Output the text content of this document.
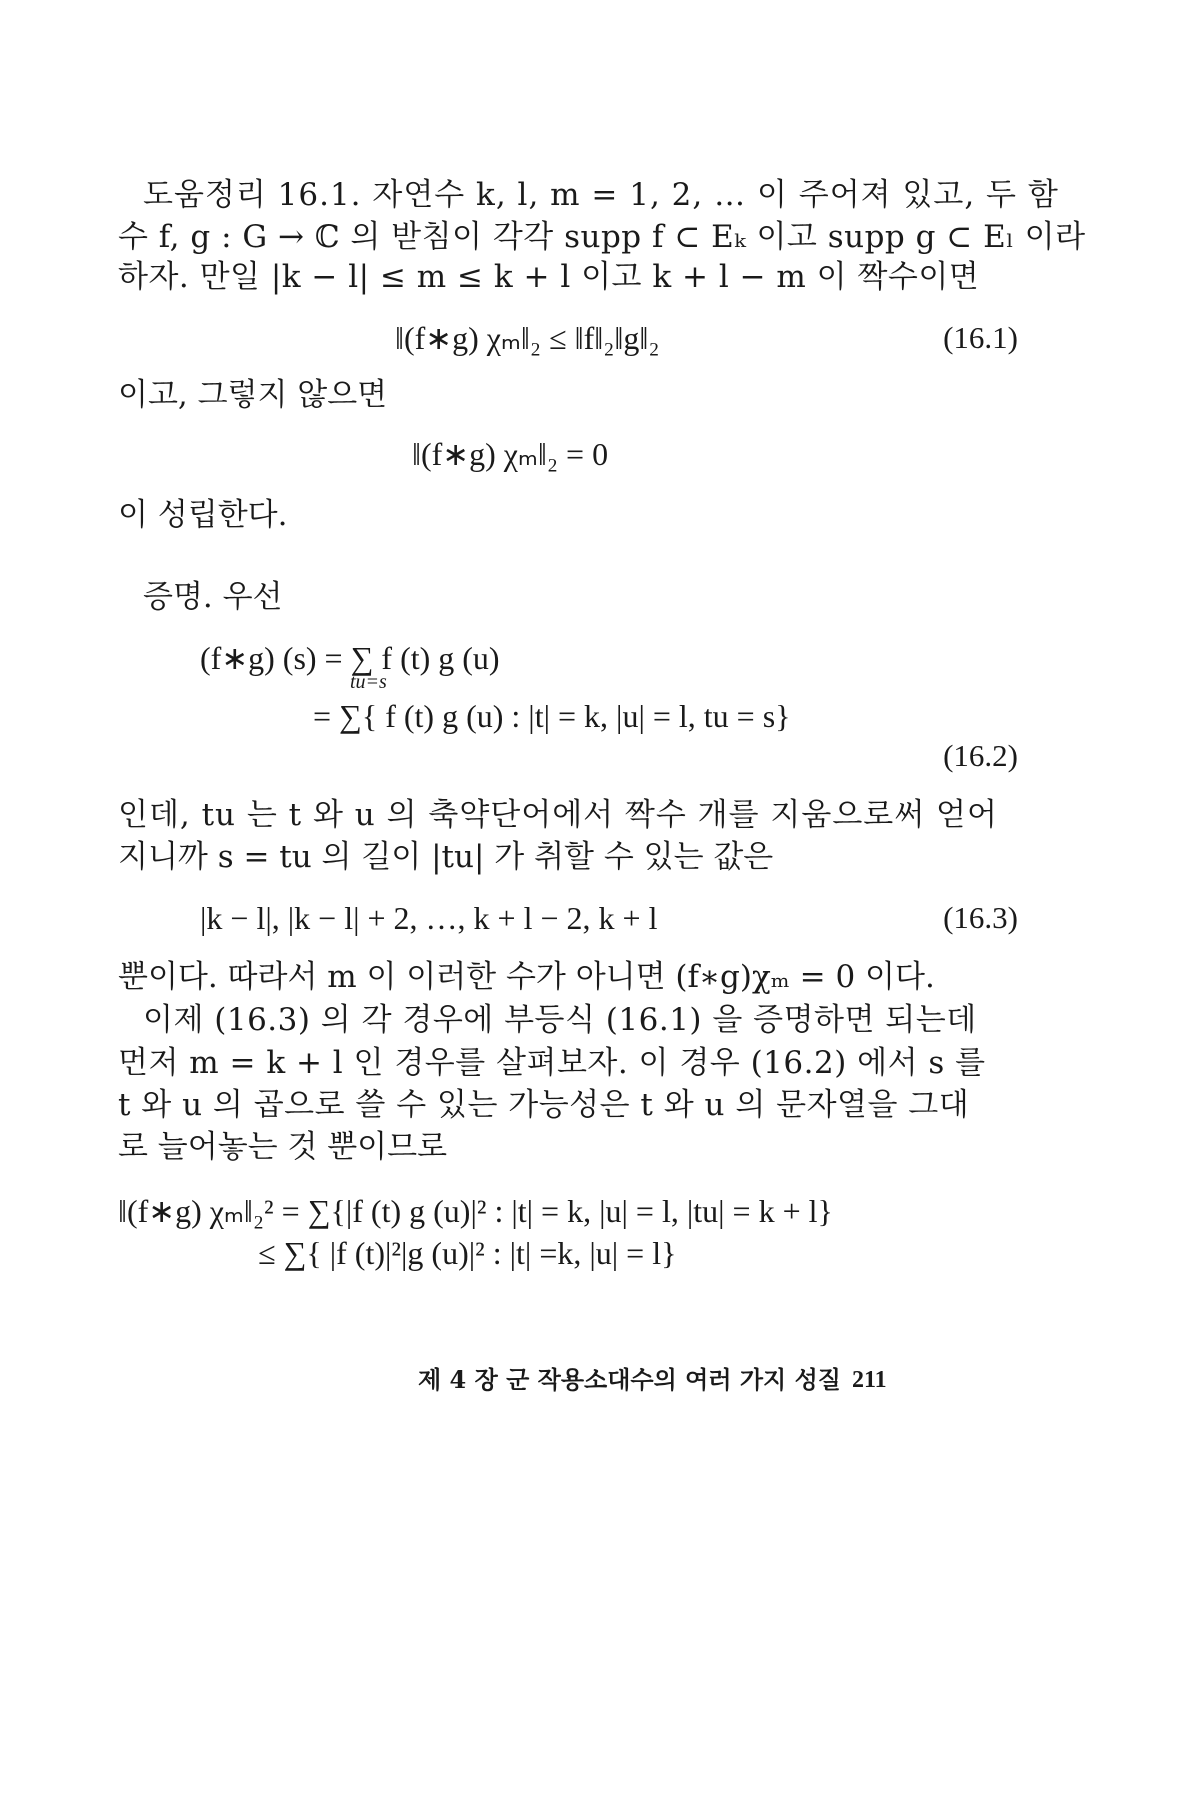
도움정리 16.1. 자연수 k, l, m = 1, 2, … 이 주어져 있고, 두 함
수 f, g : G → ℂ 의 받침이 각각 supp f ⊂ Eₖ 이고 supp g ⊂ Eₗ 이라
하자. 만일 |k − l| ≤ m ≤ k + l 이고 k + l − m 이 짝수이면
‖(f∗g) χₘ‖₂ ≤ ‖f‖₂‖g‖₂	(16.1)
이고, 그렇지 않으면
‖(f∗g) χₘ‖₂ = 0
이 성립한다.
증명. 우선
(f∗g) (s) = ∑ f (t) g (u)
tu=s
= ∑{ f (t) g (u) : |t| = k, |u| = l, tu = s}
(16.2)
인데, tu 는 t 와 u 의 축약단어에서 짝수 개를 지움으로써 얻어
지니까 s = tu 의 길이 |tu| 가 취할 수 있는 값은
|k − l|, |k − l| + 2, …, k + l − 2, k + l	(16.3)
뿐이다. 따라서 m 이 이러한 수가 아니면 (f∗g)χₘ = 0 이다.
이제 (16.3) 의 각 경우에 부등식 (16.1) 을 증명하면 되는데
먼저 m = k + l 인 경우를 살펴보자. 이 경우 (16.2) 에서 s 를
t 와 u 의 곱으로 쓸 수 있는 가능성은 t 와 u 의 문자열을 그대
로 늘어놓는 것 뿐이므로
‖(f∗g) χₘ‖₂² = ∑{|f (t) g (u)|² : |t| = k, |u| = l, |tu| = k + l}
≤ ∑{ |f (t)|²|g (u)|² : |t| =k, |u| = l}
제 4 장 군 작용소대수의 여러 가지 성질 211
